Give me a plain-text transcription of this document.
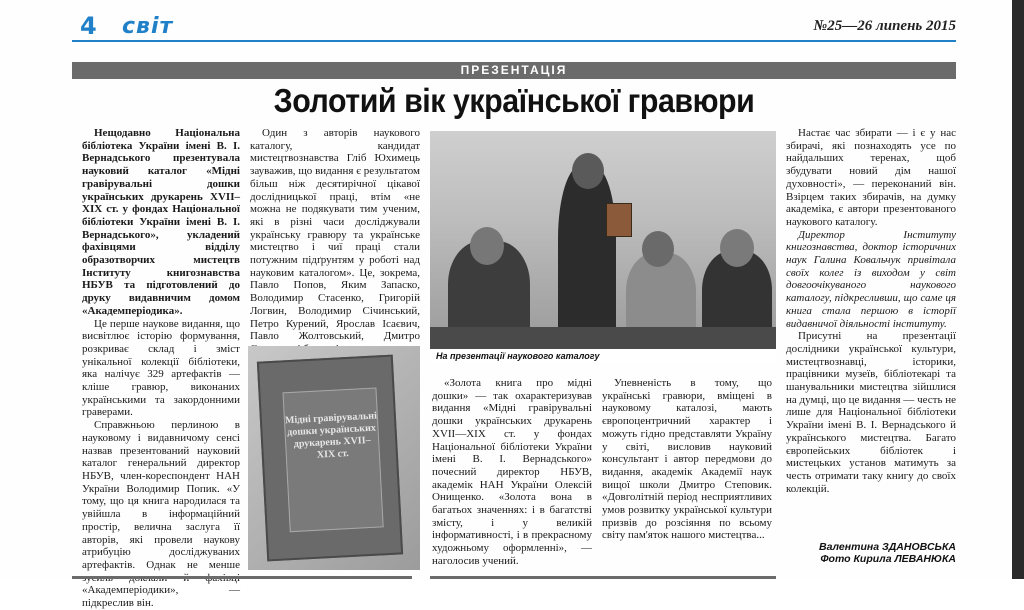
4 світ	№25—26 липень 2015
ПРЕЗЕНТАЦІЯ
Золотий вік української гравюри

Нещодавно Національна бібліотека України імені В. І. Вернадського презентувала науковий каталог «Мідні гравірувальні дошки українських друкарень XVII–XIX ст. у фондах Національної бібліотеки України імені В. І. Вернадського», укладений фахівцями відділу образотворчих мистецтв Інституту книгознавства НБУВ та підготовлений до друку видавничим домом «Академперіодика».

Це перше наукове видання, що висвітлює історію формування, розкриває склад і зміст унікальної колекції бібліотеки, яка налічує 329 артефактів — кліше гравюр, виконаних українськими та закордонними граверами.

Справжньою перлиною в науковому і видавничому сенсі назвав презентований науковий каталог генеральний директор НБУВ, член-кореспондент НАН України Володимир Попик. «У тому, що ця книга народилася та увійшла в інформаційний простір, велична заслуга її авторів, які провели наукову атрибуцію досліджуваних артефактів. Однак не менше «Академперіодики», — підкреслив він.

Один з авторів наукового каталогу, кандидат мистецтвознавства Гліб Юхимець зауважив, що видання є результатом більш ніж десятирічної цікавої дослідницької праці, втім «не можна не подякувати тим ученим, які в різні часи досліджували українську гравюру та українське мистецтво і чиї праці стали потужним підґрунтям у роботі над науковим каталогом». Це, зокрема, Павло Попов, Яким Запаско, Володимир Стасенко, Григорій Логвин, Володимир Січинський, Петро Курений, Ярослав Ісаєвич, Павло Жолтовський, Дмитро

На презентації наукового каталогу
Мідні гравірувальні дошки українських друкарень XVII–XIX ст.

«Золота книга про мідні дошки» — так охарактеризував видання «Мідні гравірувальні дошки українських друкарень XVII—XIX ст. у фондах Національної бібліотеки України імені В. І. Вернадського» почесний директор НБУВ, академік НАН України Олексій Онищенко. «Золота вона в багатьох значеннях: і в багатстві змісту, і у великій інформативності, і в прекрасному художньому оформленні», — наголосив учений.

Упевненість в тому, що українські гравюри, вміщені в науковому каталозі, мають європоцентричний характер і можуть гідно представляти Україну у світі, висловив науковий консультант і автор передмови до видання, академік Академії наук вищої школи Дмитро Степовик. «Довголітній період несприятливих умов розвитку української культури призвів до розсіяння по всьому світу пам'яток нашого мистецтва...

Настає час збирати — і є у нас збирачі, які познаходять усе по найдальших теренах, щоб збудувати новий дім нашої духовності», — переконаний він. Взірцем таких збирачів, на думку академіка, є автори презентованого наукового каталогу.

Директор Інституту книгознавства, доктор історичних наук Галина Ковальчук привітала своїх колег із виходом у світ довгоочікуваного наукового каталогу, підкресливши, що саме ця книга стала першою в історії видавничої діяльності інституту.

Присутні на презентації дослідники української культури, мистецтвознавці, історики, працівники музеїв, бібліотекарі та шанувальники мистецтва зійшлися на думці, що це видання — честь не лише для Національної бібліотеки України імені В. І. Вернадського й українського мистецтва. Багато європейських бібліотек і мистецьких установ матимуть за честь отримати таку книгу до своїх колекцій.

Валентина ЗДАНОВСЬКА
Фото Кирила ЛЕВАНЮКА
